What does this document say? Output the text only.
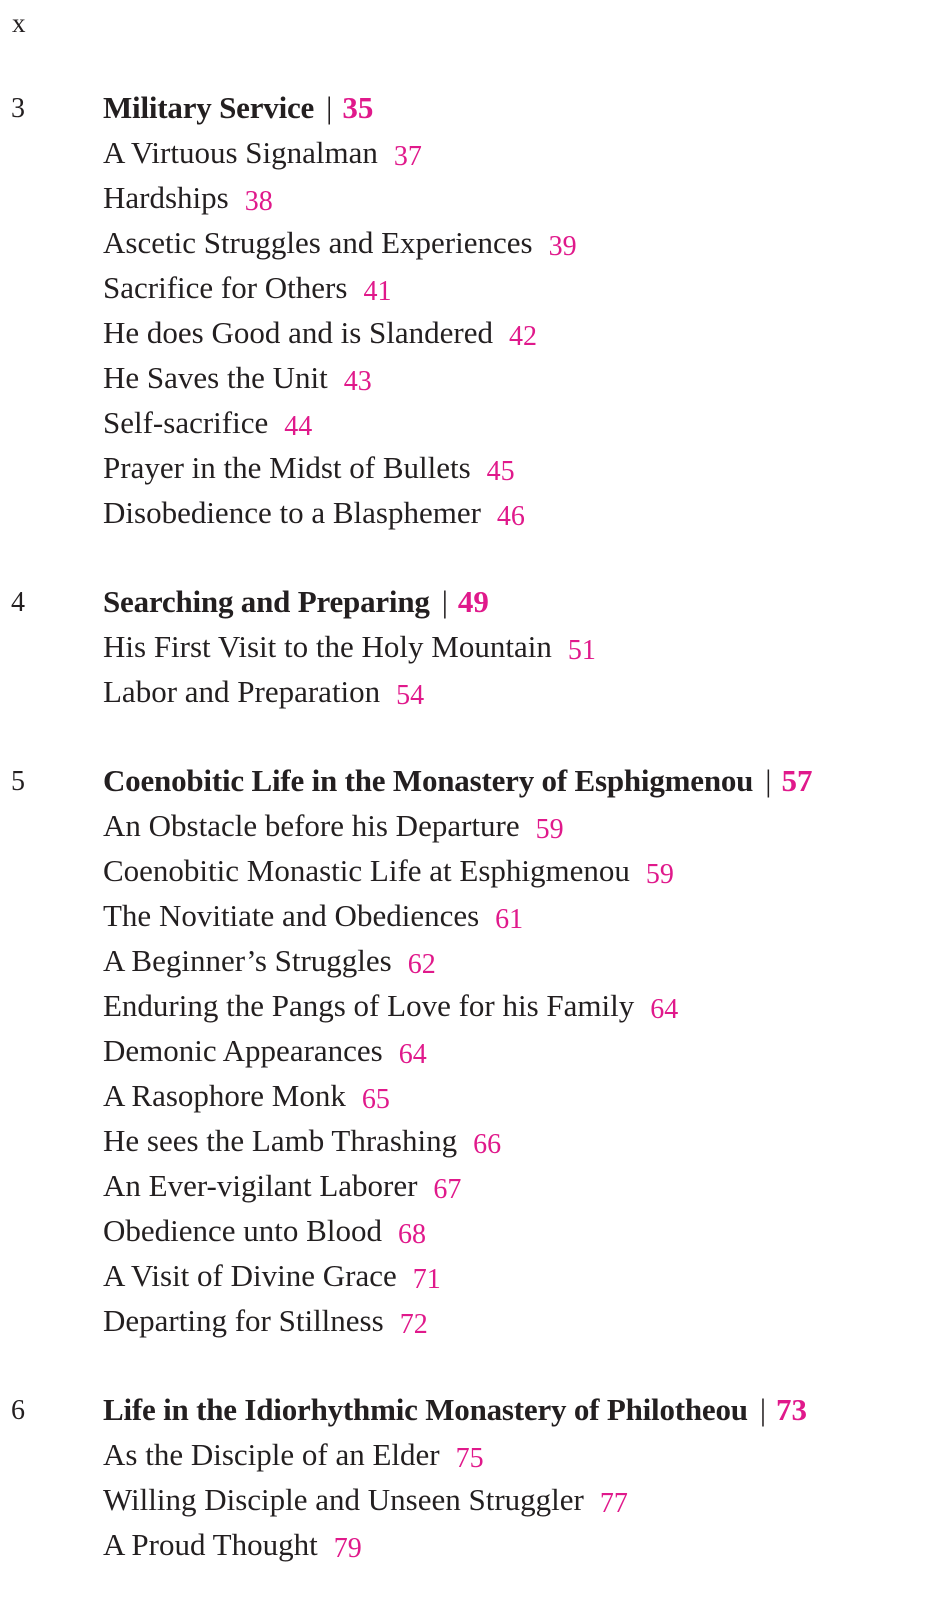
x
3	Military Service | 35
A Virtuous Signalman 37
Hardships 38
Ascetic Struggles and Experiences 39
Sacrifice for Others 41
He does Good and is Slandered 42
He Saves the Unit 43
Self-sacrifice 44
Prayer in the Midst of Bullets 45
Disobedience to a Blasphemer 46
4	Searching and Preparing | 49
His First Visit to the Holy Mountain 51
Labor and Preparation 54
5	Coenobitic Life in the Monastery of Esphigmenou | 57
An Obstacle before his Departure 59
Coenobitic Monastic Life at Esphigmenou 59
The Novitiate and Obediences 61
A Beginner’s Struggles 62
Enduring the Pangs of Love for his Family 64
Demonic Appearances 64
A Rasophore Monk 65
He sees the Lamb Thrashing 66
An Ever-vigilant Laborer 67
Obedience unto Blood 68
A Visit of Divine Grace 71
Departing for Stillness 72
6	Life in the Idiorhythmic Monastery of Philotheou | 73
As the Disciple of an Elder 75
Willing Disciple and Unseen Struggler 77
A Proud Thought 79
